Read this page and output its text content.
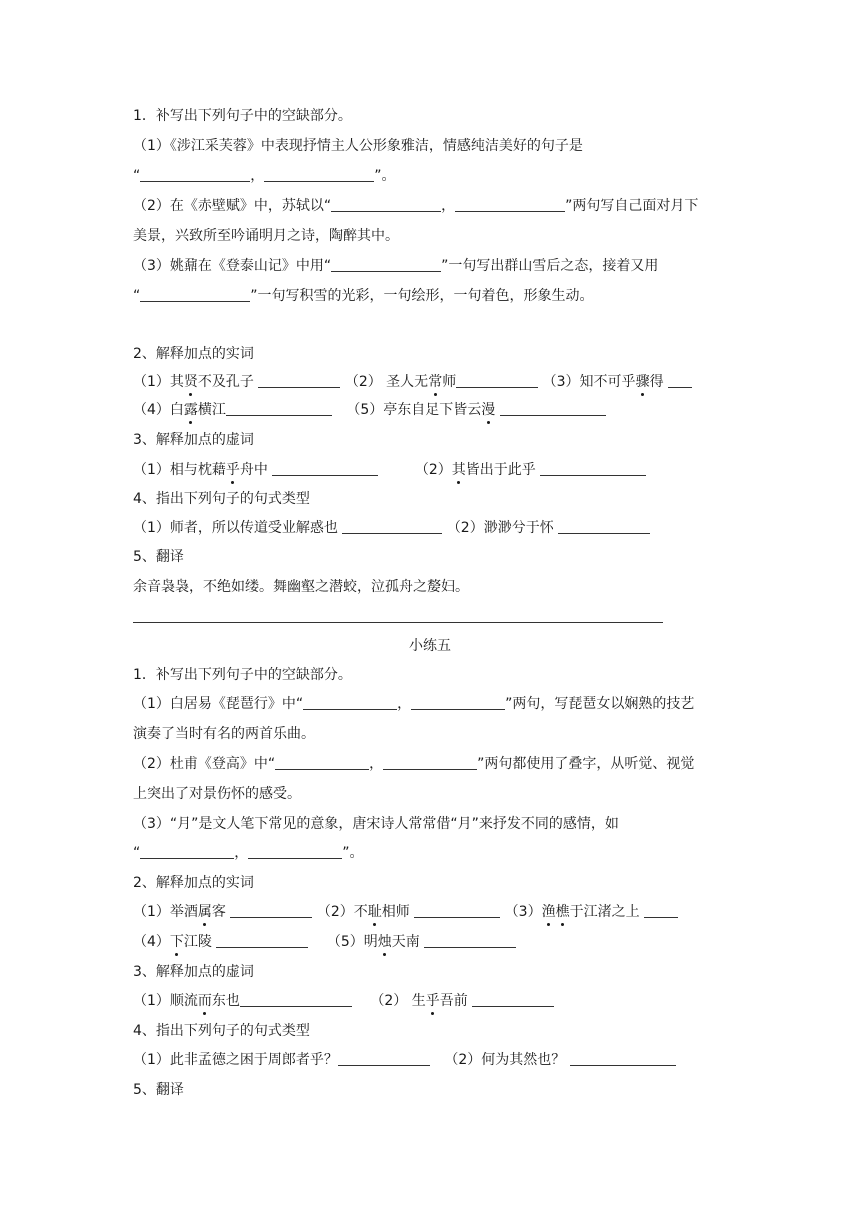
1．补写出下列句子中的空缺部分。
（1）《涉江采芙蓉》中表现抒情主人公形象雅洁，情感纯洁美好的句子是
“	，	”。
（2）在《赤壁赋》中，苏轼以“	，	”两句写自己面对月下
美景，兴致所至吟诵明月之诗，陶醉其中。
（3）姚鼐在《登泰山记》中用“	”一句写出群山雪后之态，接着又用
“	”一句写积雪的光彩，一句绘形，一句着色，形象生动。
2、解释加点的实词
（1）其贤不及孔子	（2） 圣人无常师	（3）知不可乎骤得
（4）白露横江	（5）亭东自足下皆云漫
3、解释加点的虚词
（1）相与枕藉乎舟中	（2）其皆出于此乎
4、指出下列句子的句式类型
（1）师者，所以传道受业解惑也	（2）渺渺兮于怀
5、翻译
余音袅袅，不绝如缕。舞幽壑之潜蛟，泣孤舟之嫠妇。
小练五
1．补写出下列句子中的空缺部分。
（1）白居易《琵琶行》中“	，	”两句，写琵琶女以娴熟的技艺
演奏了当时有名的两首乐曲。
（2）杜甫《登高》中“	，	”两句都使用了叠字，从听觉、视觉
上突出了对景伤怀的感受。
（3）“月”是文人笔下常见的意象，唐宋诗人常常借“月”来抒发不同的感情，如
“	，	”。
2、解释加点的实词
（1）举酒属客	（2）不耻相师	（3）渔樵于江渚之上
（4）下江陵	（5）明烛天南
3、解释加点的虚词
（1）顺流而东也	（2） 生乎吾前
4、指出下列句子的句式类型
（1）此非孟德之困于周郎者乎？	（2）何为其然也？
5、翻译
